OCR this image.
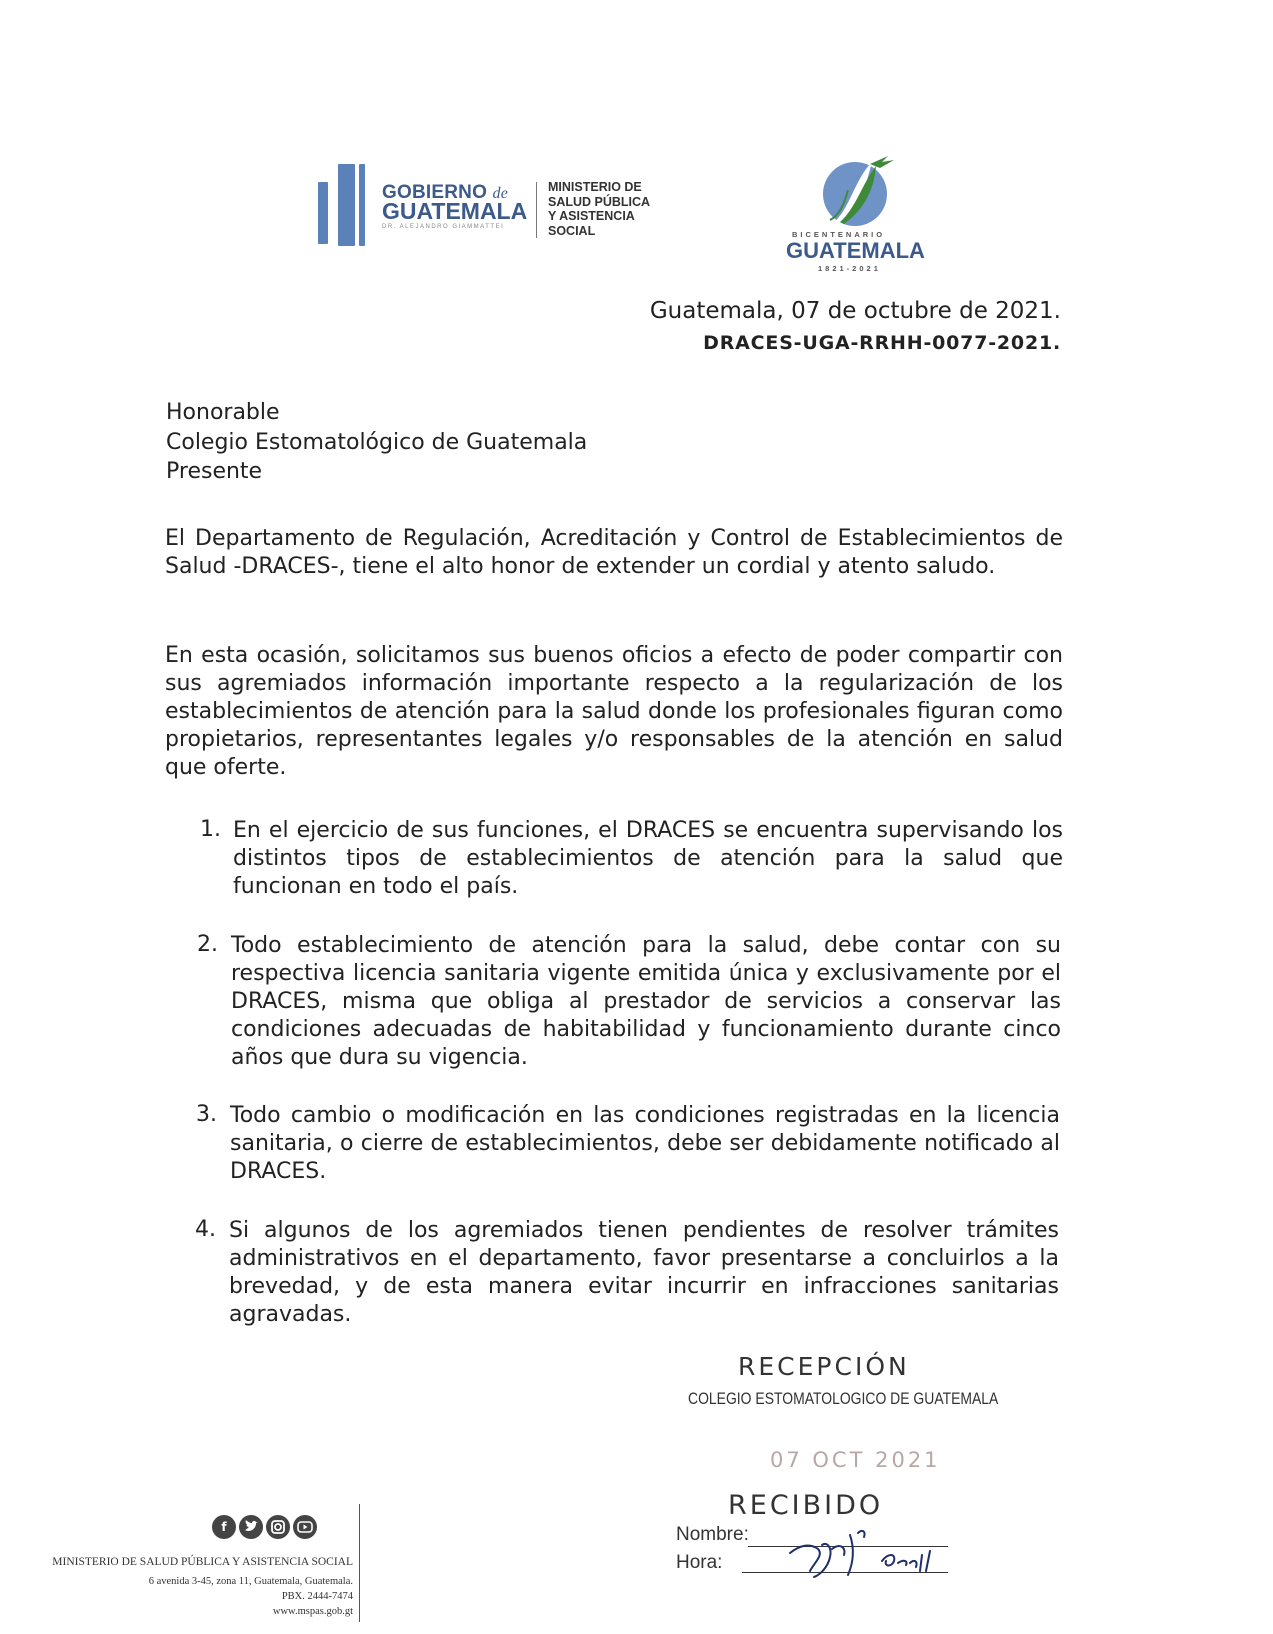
GOBIERNO de
GUATEMALA
DR. ALEJANDRO GIAMMATTEI
MINISTERIO DE
SALUD PÚBLICA
Y ASISTENCIA
SOCIAL	BICENTENARIO
GUATEMALA
1821-2021
Guatemala, 07 de octubre de 2021.
DRACES-UGA-RRHH-0077-2021.
Honorable
Colegio Estomatológico de Guatemala
Presente
El Departamento de Regulación, Acreditación y Control de Establecimientos de Salud -DRACES-, tiene el alto honor de extender un cordial y atento saludo.
En esta ocasión, solicitamos sus buenos oficios a efecto de poder compartir con sus agremiados información importante respecto a la regularización de los establecimientos de atención para la salud donde los profesionales figuran como propietarios, representantes legales y/o responsables de la atención en salud que oferte.
1. En el ejercicio de sus funciones, el DRACES se encuentra supervisando los distintos tipos de establecimientos de atención para la salud que funcionan en todo el país.
2. Todo establecimiento de atención para la salud, debe contar con su respectiva licencia sanitaria vigente emitida única y exclusivamente por el DRACES, misma que obliga al prestador de servicios a conservar las condiciones adecuadas de habitabilidad y funcionamiento durante cinco años que dura su vigencia.
3. Todo cambio o modificación en las condiciones registradas en la licencia sanitaria, o cierre de establecimientos, debe ser debidamente notificado al DRACES.
4. Si algunos de los agremiados tienen pendientes de resolver trámites administrativos en el departamento, favor presentarse a concluirlos a la brevedad, y de esta manera evitar incurrir en infracciones sanitarias agravadas.
RECEPCIÓN
COLEGIO ESTOMATOLOGICO DE GUATEMALA
07 OCT 2021
RECIBIDO
Nombre:
Hora:
f
MINISTERIO DE SALUD PÚBLICA Y ASISTENCIA SOCIAL
6 avenida 3-45, zona 11, Guatemala, Guatemala.
PBX. 2444-7474
www.mspas.gob.gt
